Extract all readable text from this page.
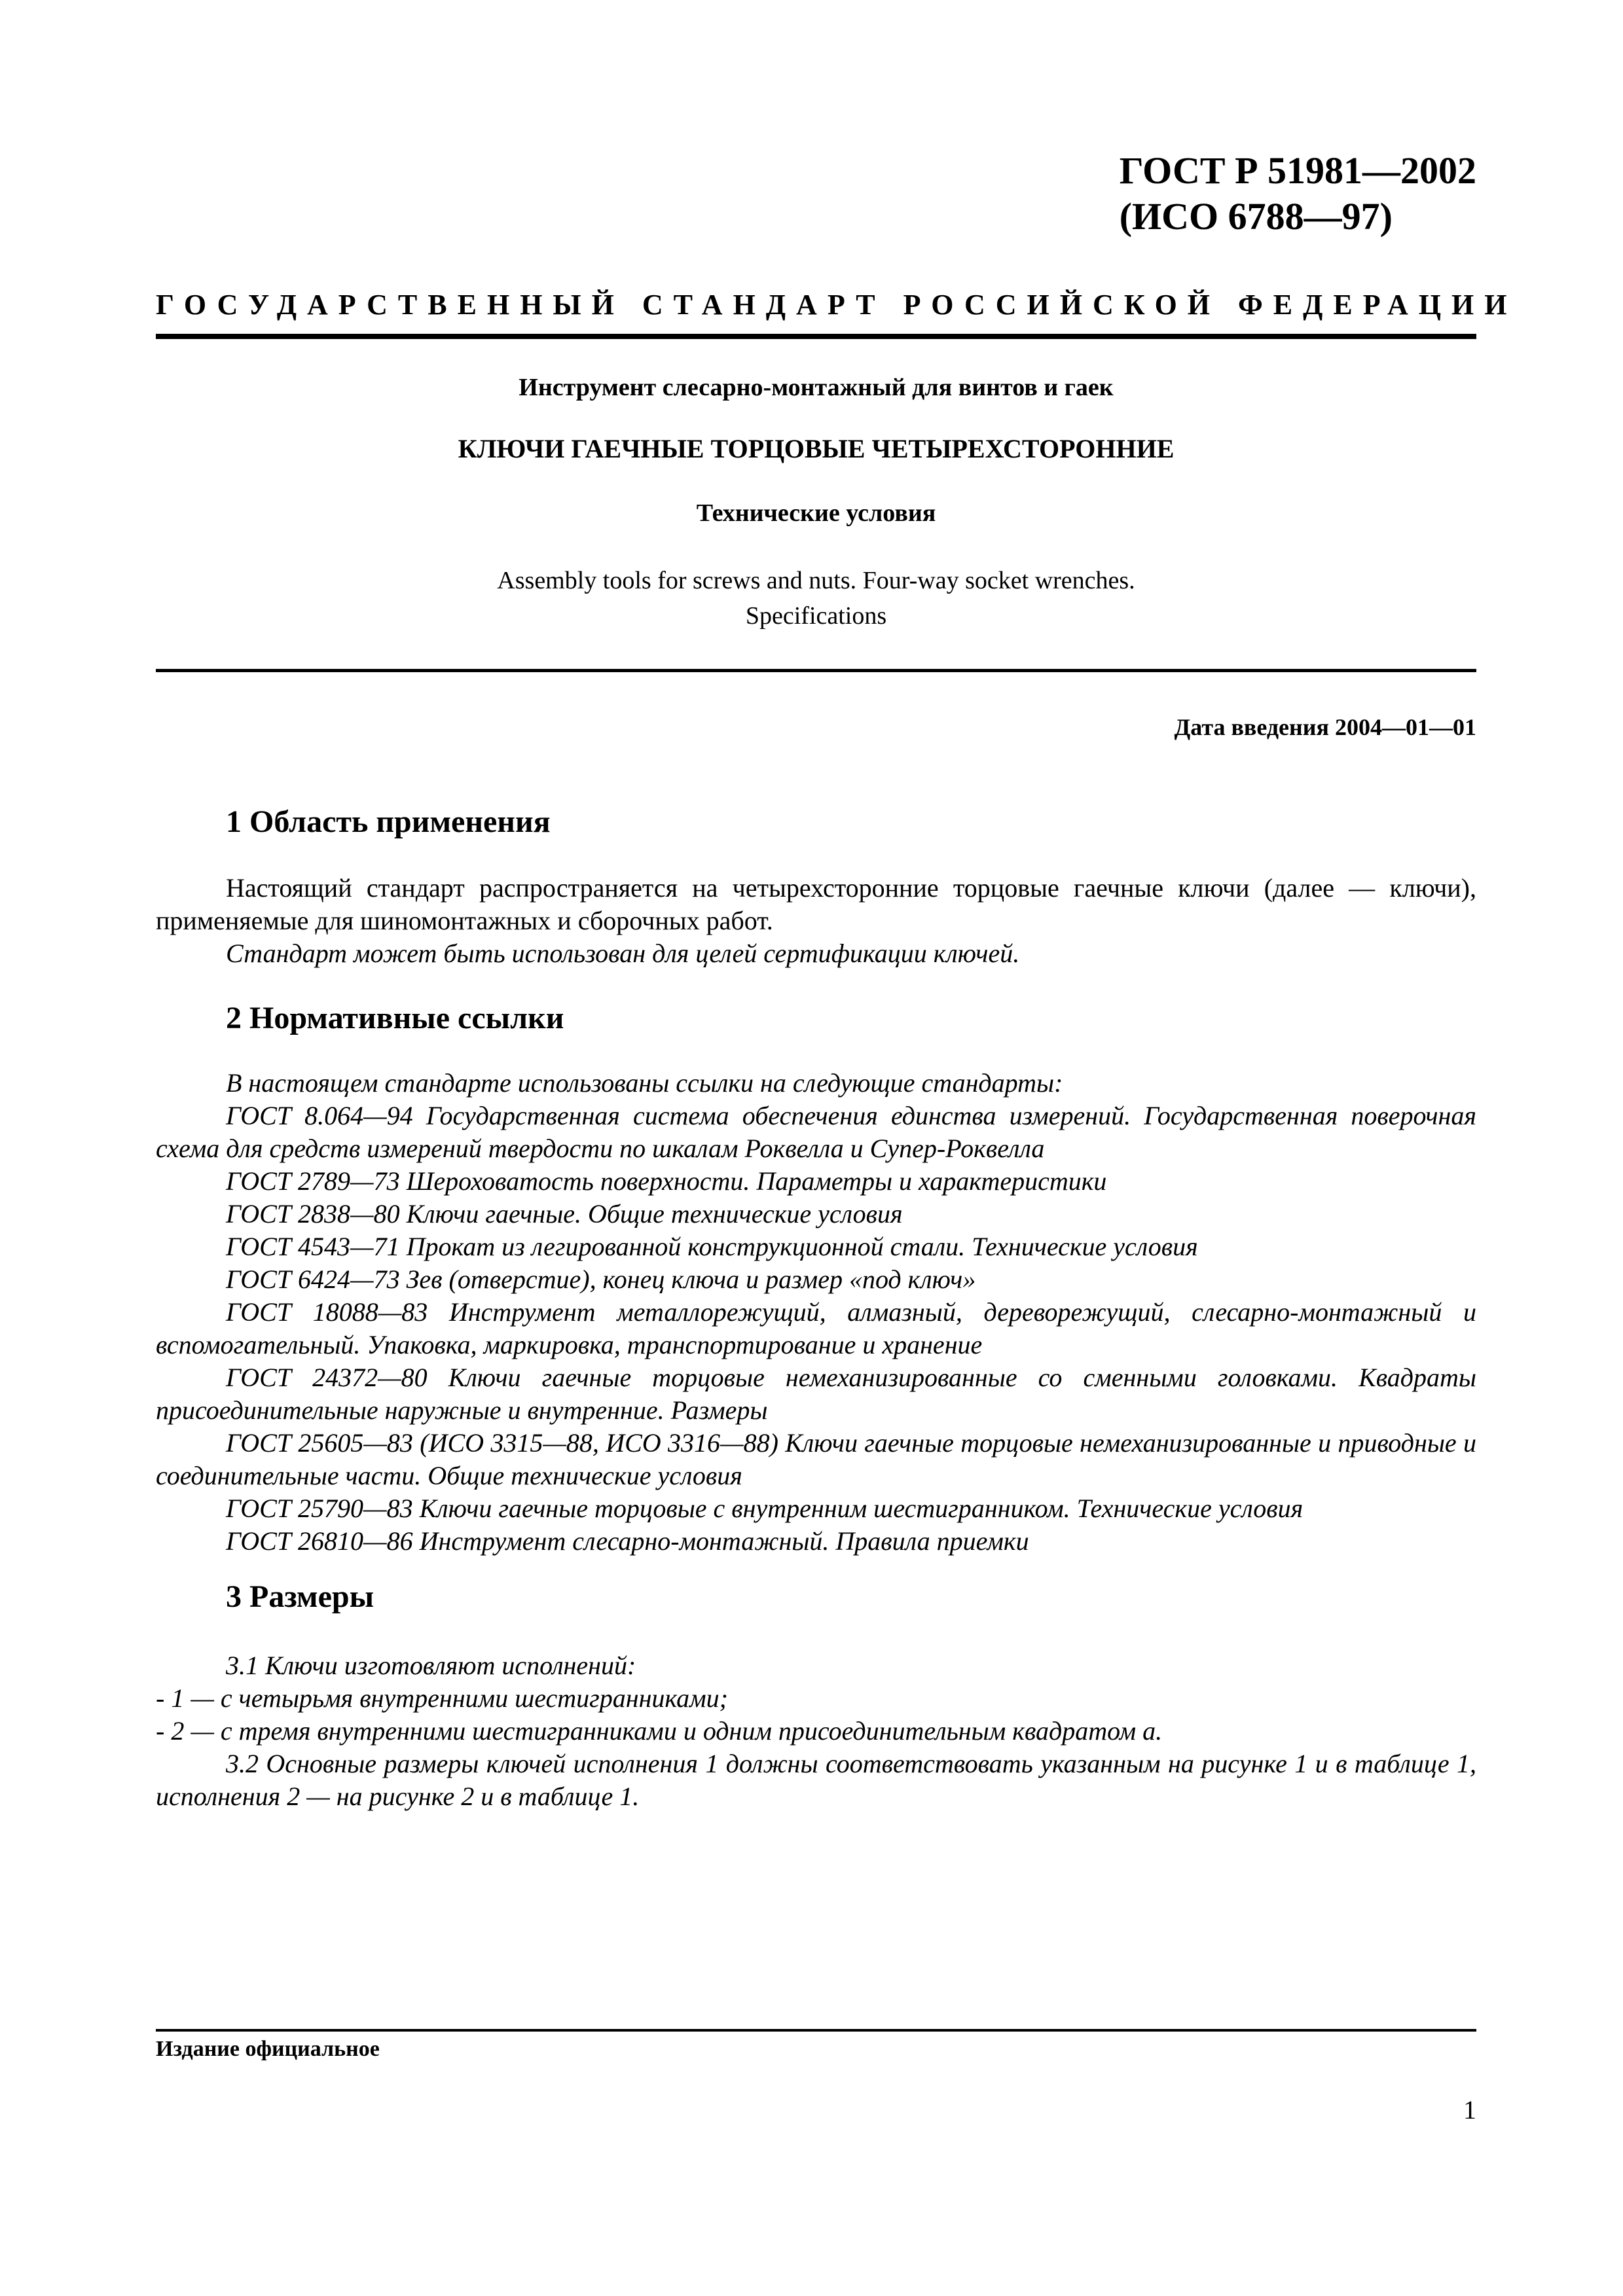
ГОСТ Р 51981—2002
(ИСО 6788—97)
ГОСУДАРСТВЕННЫЙ СТАНДАРТ РОССИЙСКОЙ ФЕДЕРАЦИИ
Инструмент слесарно-монтажный для винтов и гаек
КЛЮЧИ ГАЕЧНЫЕ ТОРЦОВЫЕ ЧЕТЫРЕХСТОРОННИЕ
Технические условия
Assembly tools for screws and nuts. Four-way socket wrenches.
Specifications
Дата введения 2004—01—01
1 Область применения

Настоящий стандарт распространяется на четырехсторонние торцовые гаечные ключи (далее — ключи), применяемые для шиномонтажных и сборочных работ.

Стандарт может быть использован для целей сертификации ключей.

2 Нормативные ссылки

В настоящем стандарте использованы ссылки на следующие стандарты:

ГОСТ 8.064—94 Государственная система обеспечения единства измерений. Государственная поверочная схема для средств измерений твердости по шкалам Роквелла и Супер-Роквелла

ГОСТ 2789—73 Шероховатость поверхности. Параметры и характеристики

ГОСТ 2838—80 Ключи гаечные. Общие технические условия

ГОСТ 4543—71 Прокат из легированной конструкционной стали. Технические условия

ГОСТ 6424—73 Зев (отверстие), конец ключа и размер «под ключ»

ГОСТ 18088—83 Инструмент металлорежущий, алмазный, дереворежущий, слесарно-монтажный и вспомогательный. Упаковка, маркировка, транспортирование и хранение

ГОСТ 24372—80 Ключи гаечные торцовые немеханизированные со сменными головками. Квадраты присоединительные наружные и внутренние. Размеры

ГОСТ 25605—83 (ИСО 3315—88, ИСО 3316—88) Ключи гаечные торцовые немеханизированные и приводные и соединительные части. Общие технические условия

ГОСТ 25790—83 Ключи гаечные торцовые с внутренним шестигранником. Технические условия

ГОСТ 26810—86 Инструмент слесарно-монтажный. Правила приемки

3 Размеры

3.1 Ключи изготовляют исполнений:

- 1 — с четырьмя внутренними шестигранниками;

- 2 — с тремя внутренними шестигранниками и одним присоединительным квадратом а.

3.2 Основные размеры ключей исполнения 1 должны соответствовать указанным на рисунке 1 и в таблице 1, исполнения 2 — на рисунке 2 и в таблице 1.

Издание официальное
1
